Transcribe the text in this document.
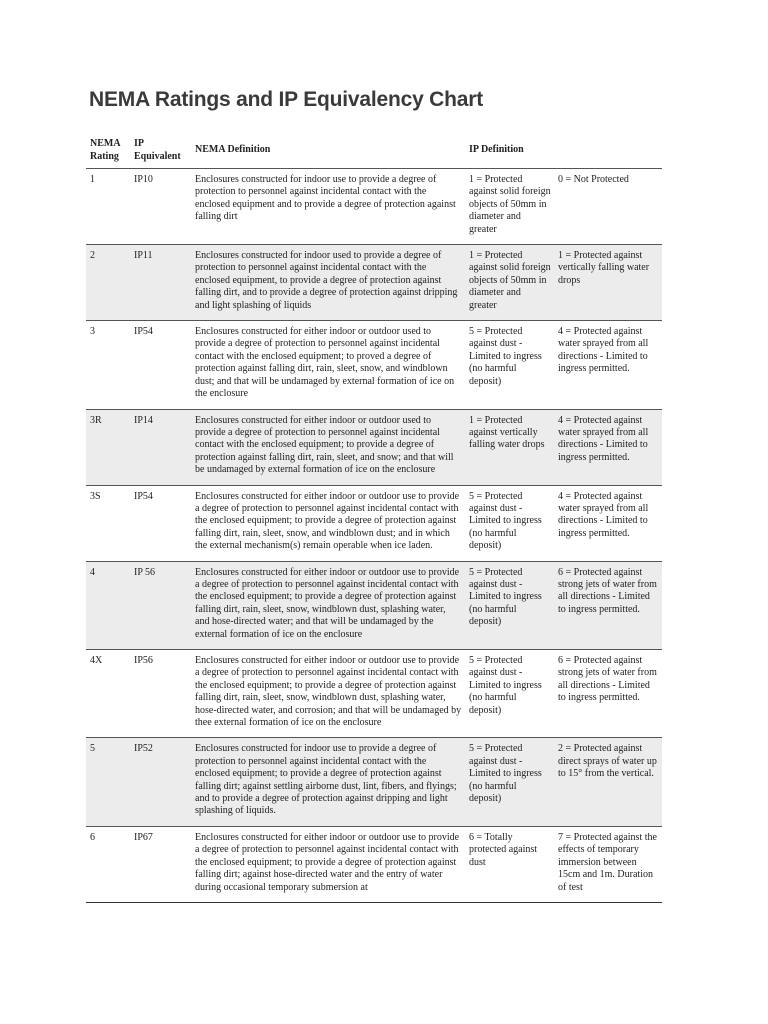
NEMA Ratings and IP Equivalency Chart
NEMA Rating	IP Equivalent	NEMA Definition	IP Definition	
1	IP10	Enclosures constructed for indoor use to provide a degree of protection to personnel against incidental contact with the enclosed equipment and to provide a degree of protection against falling dirt	1 = Protected against solid foreign objects of 50mm in diameter and greater	0 = Not Protected
2	IP11	Enclosures constructed for indoor used to provide a degree of protection to personnel against incidental contact with the enclosed equipment, to provide a degree of protection against falling dirt, and to provide a degree of protection against dripping and light splashing of liquids	1 = Protected against solid foreign objects of 50mm in diameter and greater	1 = Protected against vertically falling water drops
3	IP54	Enclosures constructed for either indoor or outdoor used to provide a degree of protection to personnel against incidental contact with the enclosed equipment; to proved a degree of protection against falling dirt, rain, sleet, snow, and windblown dust; and that will be undamaged by external formation of ice on the enclosure	5 = Protected against dust - Limited to ingress (no harmful deposit)	4 = Protected against water sprayed from all directions - Limited to ingress permitted.
3R	IP14	Enclosures constructed for either indoor or outdoor used to provide a degree of protection to personnel against incidental contact with the enclosed equipment; to provide a degree of protection against falling dirt, rain, sleet, and snow; and that will be undamaged by external formation of ice on the enclosure	1 = Protected against vertically falling water drops	4 = Protected against water sprayed from all directions - Limited to ingress permitted.
3S	IP54	Enclosures constructed for either indoor or outdoor use to provide a degree of protection to personnel against incidental contact with the enclosed equipment; to provide a degree of protection against falling dirt, rain, sleet, snow, and windblown dust; and in which the external mechanism(s) remain operable when ice laden.	5 = Protected against dust - Limited to ingress (no harmful deposit)	4 = Protected against water sprayed from all directions - Limited to ingress permitted.
4	IP 56	Enclosures constructed for either indoor or outdoor use to provide a degree of protection to personnel against incidental contact with the enclosed equipment; to provide a degree of protection against falling dirt, rain, sleet, snow, windblown dust, splashing water, and hose-directed water; and that will be undamaged by the external formation of ice on the enclosure	5 = Protected against dust - Limited to ingress (no harmful deposit)	6 = Protected against strong jets of water from all directions - Limited to ingress permitted.
4X	IP56	Enclosures constructed for either indoor or outdoor use to provide a degree of protection to personnel against incidental contact with the enclosed equipment; to provide a degree of protection against falling dirt, rain, sleet, snow, windblown dust, splashing water, hose-directed water, and corrosion; and that will be undamaged by thee external formation of ice on the enclosure	5 = Protected against dust - Limited to ingress (no harmful deposit)	6 = Protected against strong jets of water from all directions - Limited to ingress permitted.
5	IP52	Enclosures constructed for indoor use to provide a degree of protection to personnel against incidental contact with the enclosed equipment; to provide a degree of protection against falling dirt; against settling airborne dust, lint, fibers, and flyings; and to provide a degree of protection against dripping and light splashing of liquids.	5 = Protected against dust - Limited to ingress (no harmful deposit)	2 = Protected against direct sprays of water up to 15° from the vertical.
6	IP67	Enclosures constructed for either indoor or outdoor use to provide a degree of protection to personnel against incidental contact with the enclosed equipment; to provide a degree of protection against falling dirt; against hose-directed water and the entry of water during occasional temporary submersion at	6 = Totally protected against dust	7 = Protected against the effects of temporary immersion between 15cm and 1m. Duration of test
